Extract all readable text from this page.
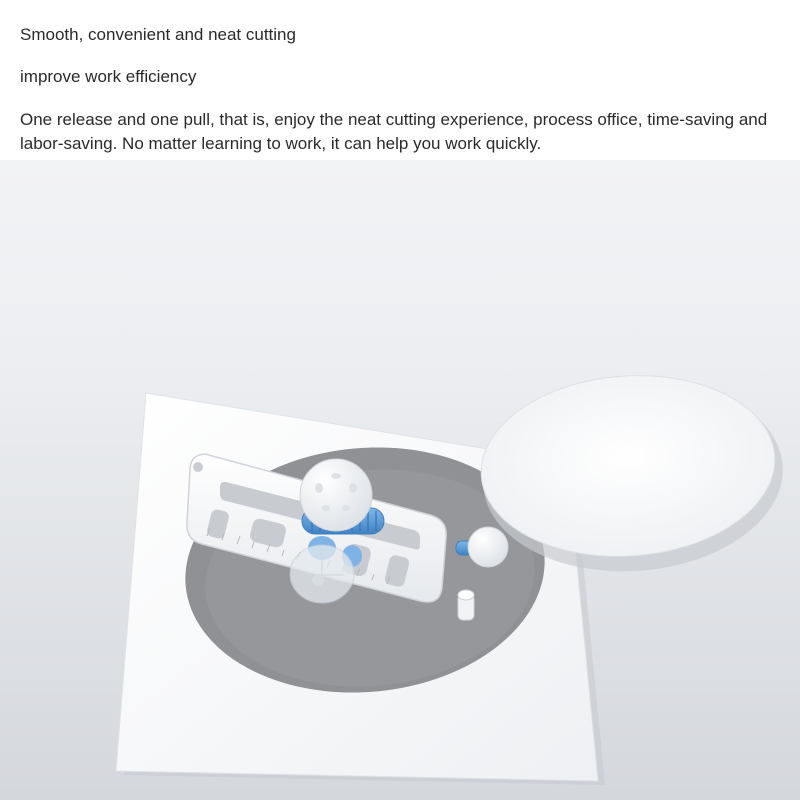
Smooth, convenient and neat cutting

improve work efficiency

One release and one pull, that is, enjoy the neat cutting experience, process office, time-saving and labor-saving. No matter learning to work, it can help you work quickly.
